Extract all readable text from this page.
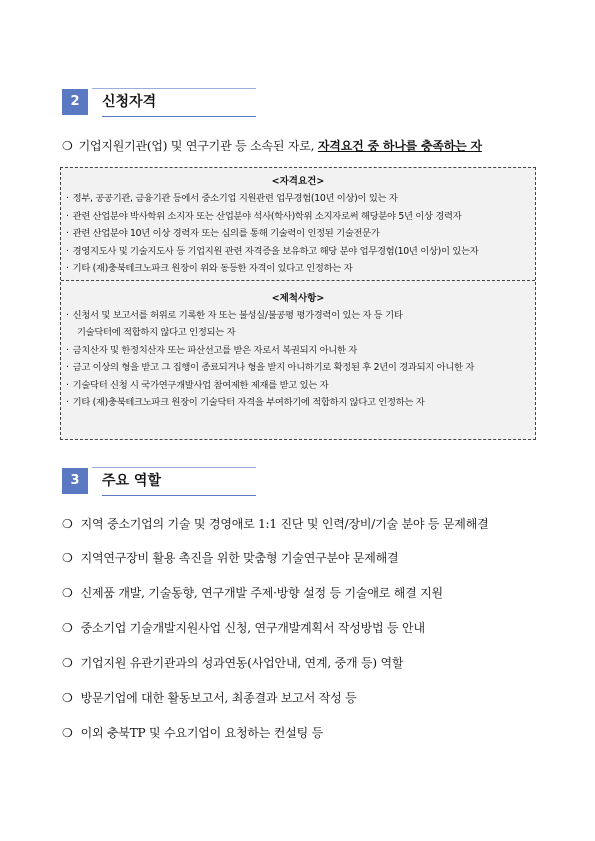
2	신청자격
❍ 기업지원기관(업) 및 연구기관 등 소속된 자로, 자격요건 중 하나를 충족하는 자
<자격요건>
· 정부, 공공기관, 금융기관 등에서 중소기업 지원관련 업무경험(10년 이상)이 있는 자
· 관련 산업분야 박사학위 소지자 또는 산업분야 석사(학사)학위 소지자로써 해당분야 5년 이상 경력자
· 관련 산업분야 10년 이상 경력자 또는 심의를 통해 기술력이 인정된 기술전문가
· 경영지도사 및 기술지도사 등 기업지원 관련 자격증을 보유하고 해당 분야 업무경험(10년 이상)이 있는자
· 기타 (재)충북테크노파크 원장이 위와 동등한 자격이 있다고 인정하는 자
<제척사항>
· 신청서 및 보고서를 허위로 기록한 자 또는 불성실/불공평 평가경력이 있는 자 등 기타
기술닥터에 적합하지 않다고 인정되는 자
· 금치산자 및 한정치산자 또는 파산선고를 받은 자로서 복권되지 아니한 자
· 금고 이상의 형을 받고 그 집행이 종료되거나 형을 받지 아니하기로 확정된 후 2년이 경과되지 아니한 자
· 기술닥터 신청 시 국가연구개발사업 참여제한 제재를 받고 있는 자
· 기타 (재)충북테크노파크 원장이 기술닥터 자격을 부여하기에 적합하지 않다고 인정하는 자
3	주요 역할
❍ 지역 중소기업의 기술 및 경영애로 1:1 진단 및 인력/장비/기술 분야 등 문제해결
❍ 지역연구장비 활용 촉진을 위한 맞춤형 기술연구분야 문제해결
❍ 신제품 개발, 기술동향, 연구개발 주제·방향 설정 등 기술애로 해결 지원
❍ 중소기업 기술개발지원사업 신청, 연구개발계획서 작성방법 등 안내
❍ 기업지원 유관기관과의 성과연동(사업안내, 연계, 중개 등) 역할
❍ 방문기업에 대한 활동보고서, 최종결과 보고서 작성 등
❍ 이외 충북TP 및 수요기업이 요청하는 컨설팅 등
